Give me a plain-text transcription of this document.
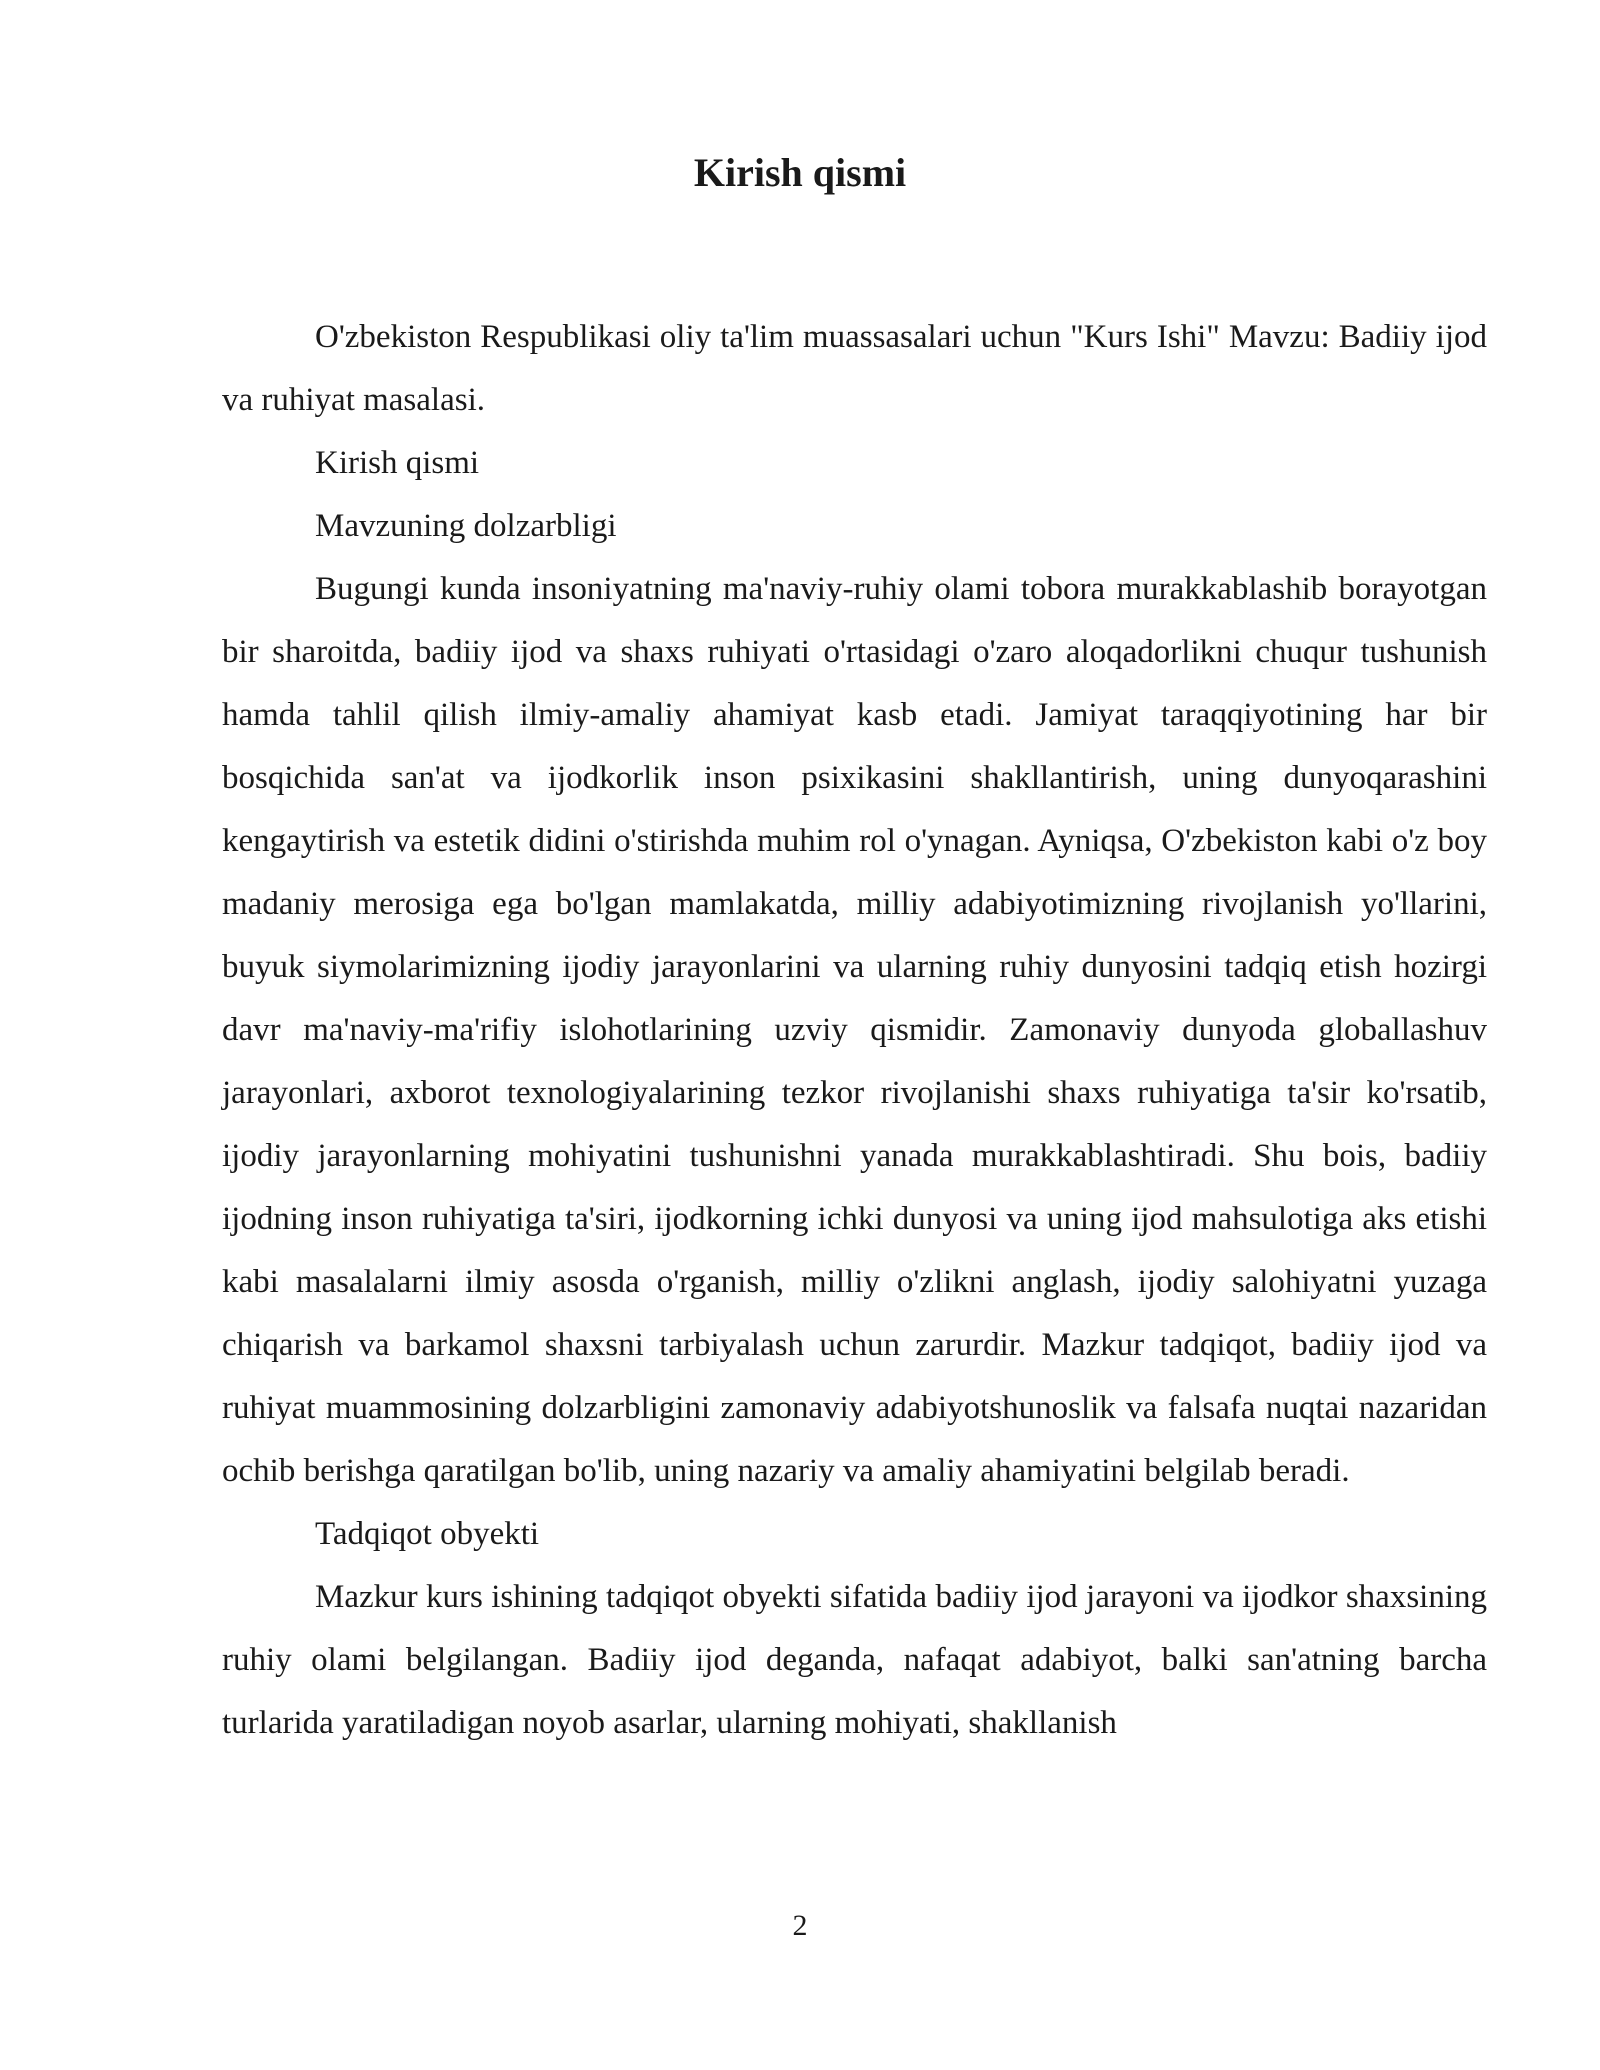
Kirish qismi

O'zbekiston Respublikasi oliy ta'lim muassasalari uchun "Kurs Ishi" Mavzu: Badiiy ijod va ruhiyat masalasi.

Kirish qismi

Mavzuning dolzarbligi

Bugungi kunda insoniyatning ma'naviy-ruhiy olami tobora murakkablashib borayotgan bir sharoitda, badiiy ijod va shaxs ruhiyati o'rtasidagi o'zaro aloqadorlikni chuqur tushunish hamda tahlil qilish ilmiy-amaliy ahamiyat kasb etadi. Jamiyat taraqqiyotining har bir bosqichida san'at va ijodkorlik inson psixikasini shakllantirish, uning dunyoqarashini kengaytirish va estetik didini o'stirishda muhim rol o'ynagan. Ayniqsa, O'zbekiston kabi o'z boy madaniy merosiga ega bo'lgan mamlakatda, milliy adabiyotimizning rivojlanish yo'llarini, buyuk siymolarimizning ijodiy jarayonlarini va ularning ruhiy dunyosini tadqiq etish hozirgi davr ma'naviy-ma'rifiy islohotlarining uzviy qismidir. Zamonaviy dunyoda globallashuv jarayonlari, axborot texnologiyalarining tezkor rivojlanishi shaxs ruhiyatiga ta'sir ko'rsatib, ijodiy jarayonlarning mohiyatini tushunishni yanada murakkablashtiradi. Shu bois, badiiy ijodning inson ruhiyatiga ta'siri, ijodkorning ichki dunyosi va uning ijod mahsulotiga aks etishi kabi masalalarni ilmiy asosda o'rganish, milliy o'zlikni anglash, ijodiy salohiyatni yuzaga chiqarish va barkamol shaxsni tarbiyalash uchun zarurdir. Mazkur tadqiqot, badiiy ijod va ruhiyat muammosining dolzarbligini zamonaviy adabiyotshunoslik va falsafa nuqtai nazaridan ochib berishga qaratilgan bo'lib, uning nazariy va amaliy ahamiyatini belgilab beradi.

Tadqiqot obyekti

Mazkur kurs ishining tadqiqot obyekti sifatida badiiy ijod jarayoni va ijodkor shaxsining ruhiy olami belgilangan. Badiiy ijod deganda, nafaqat adabiyot, balki san'atning barcha turlarida yaratiladigan noyob asarlar, ularning mohiyati, shakllanish

2
